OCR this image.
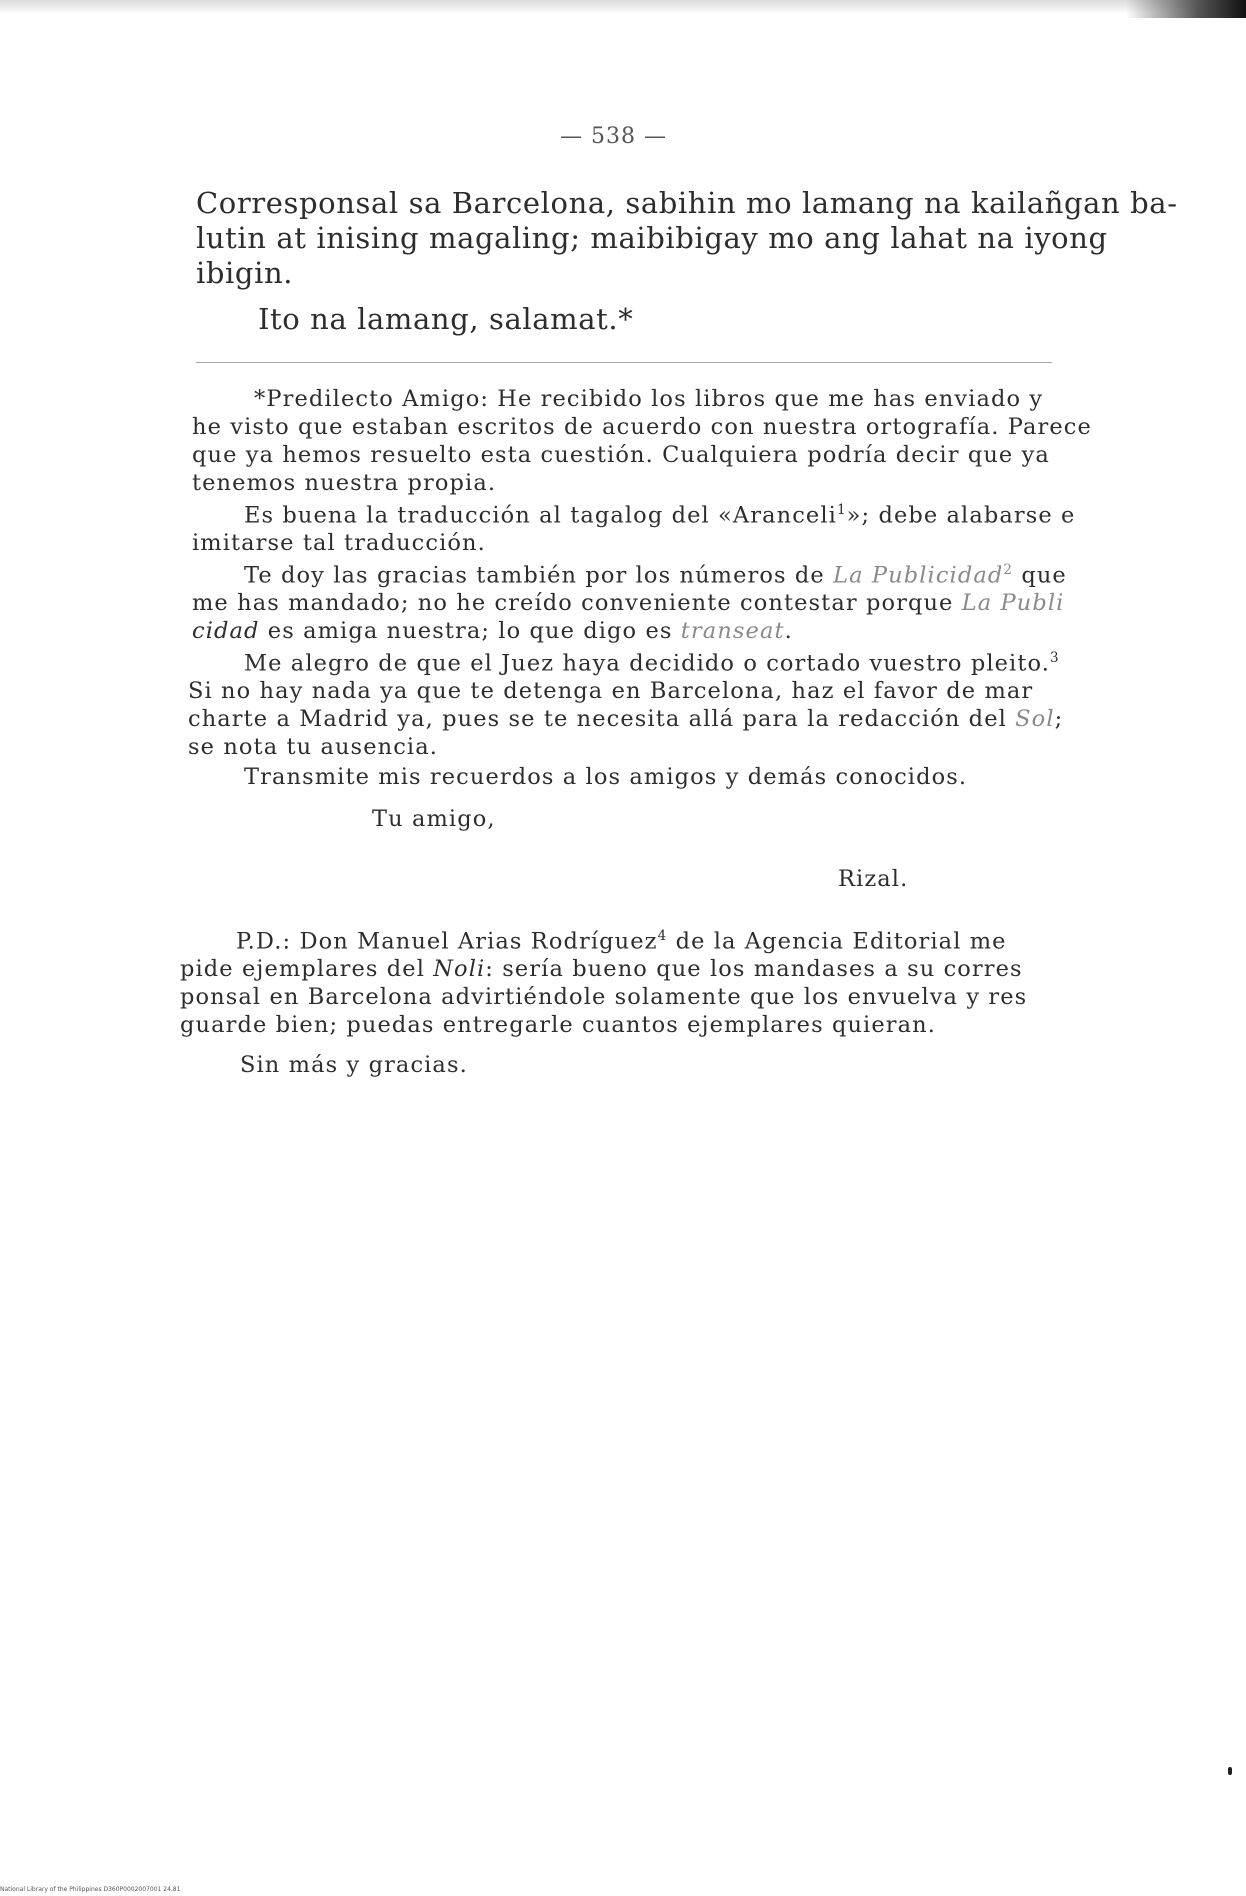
— 538 —
Corresponsal sa Barcelona, sabihin mo lamang na kailañgan ba-
lutin at inising magaling; maibibigay mo ang lahat na iyong
ibigin.
Ito na lamang, salamat.*
*Predilecto Amigo: He recibido los libros que me has enviado y
he visto que estaban escritos de acuerdo con nuestra ortografía. Parece
que ya hemos resuelto esta cuestión. Cualquiera podría decir que ya
tenemos nuestra propia.
Es buena la traducción al tagalog del «Aranceli$^1$»; debe alabarse e
imitarse tal traducción.
Te doy las gracias también por los números de La Publicidad$^2$ que
me has mandado; no he creído conveniente contestar porque La Publi
cidad es amiga nuestra; lo que digo es transeat.
Me alegro de que el Juez haya decidido o cortado vuestro pleito.$^3$
Si no hay nada ya que te detenga en Barcelona, haz el favor de mar
charte a Madrid ya, pues se te necesita allá para la redacción del Sol;
se nota tu ausencia.
Transmite mis recuerdos a los amigos y demás conocidos.
Tu amigo,
Rizal.
P.D.: Don Manuel Arias Rodríguez$^4$ de la Agencia Editorial me
pide ejemplares del Noli: sería bueno que los mandases a su corres
ponsal en Barcelona advirtiéndole solamente que los envuelva y res
guarde bien; puedas entregarle cuantos ejemplares quieran.
Sin más y gracias.
National Library of the Philippines D360P0002007001 24.81
